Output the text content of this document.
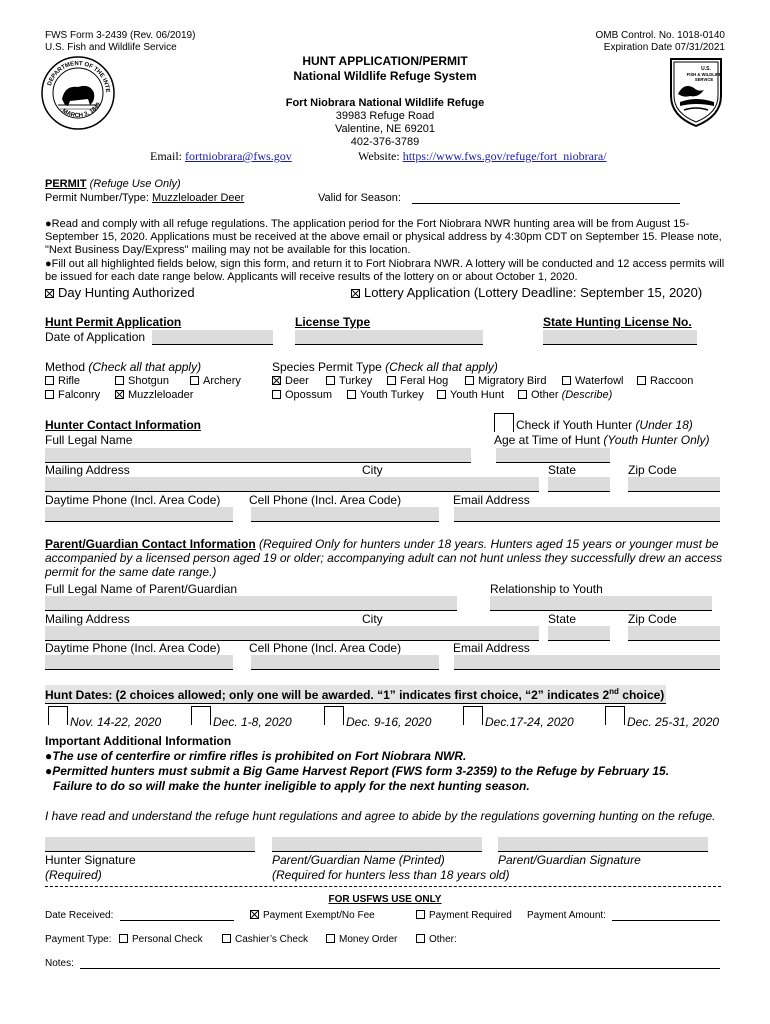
FWS Form 3-2439 (Rev. 06/2019)
U.S. Fish and Wildlife Service
OMB Control. No. 1018-0140
Expiration Date 07/31/2021
DEPARTMENT OF THE INTE
MARCH 3, 1849
U.S.
FISH & WILDLIFE
SERVICE
HUNT APPLICATION/PERMIT
National Wildlife Refuge System
Fort Niobrara National Wildlife Refuge
39983 Refuge Road
Valentine, NE 69201
402-376-3789
Email: fortniobrara@fws.gov	Website: https://www.fws.gov/refuge/fort_niobrara/
PERMIT (Refuge Use Only)
Permit Number/Type: Muzzleloader Deer	Valid for Season:
●Read and comply with all refuge regulations. The application period for the Fort Niobrara NWR hunting area will be from August 15-September 15, 2020. Applications must be received at the above email or physical address by 4:30pm CDT on September 15. Please note, "Next Business Day/Express" mailing may not be available for this location.
●Fill out all highlighted fields below, sign this form, and return it to Fort Niobrara NWR. A lottery will be conducted and 12 access permits will be issued for each date range below. Applicants will receive results of the lottery on or about October 1, 2020.
Day Hunting Authorized	Lottery Application (Lottery Deadline: September 15, 2020)
Hunt Permit Application
Date of Application
License Type	State Hunting License No.
Method (Check all that apply)
Rifle	Shotgun	Archery
Falconry	Muzzleloader
Species Permit Type (Check all that apply)
Deer	Turkey	Feral Hog	Migratory Bird	Waterfowl	Raccoon
Opossum	Youth Turkey	Youth Hunt	Other (Describe)
Hunter Contact Information
Full Legal Name
Check if Youth Hunter (Under 18)
Age at Time of Hunt (Youth Hunter Only)
Mailing Address	City	State	Zip Code
Daytime Phone (Incl. Area Code) Cell Phone (Incl. Area Code)	Email Address
Parent/Guardian Contact Information (Required Only for hunters under 18 years. Hunters aged 15 years or younger must be accompanied by a licensed person aged 19 or older; accompanying adult can not hunt unless they successfully drew an access permit for the same date range.)
Full Legal Name of Parent/Guardian	Relationship to Youth
Mailing Address	City	State	Zip Code
Daytime Phone (Incl. Area Code) Cell Phone (Incl. Area Code)	Email Address
Hunt Dates: (2 choices allowed; only one will be awarded. “1” indicates first choice, “2” indicates 2nd choice)
Nov. 14-22, 2020	Dec. 1-8, 2020	Dec. 9-16, 2020	Dec.17-24, 2020	Dec. 25-31, 2020
Important Additional Information
●The use of centerfire or rimfire rifles is prohibited on Fort Niobrara NWR.
●Permitted hunters must submit a Big Game Harvest Report (FWS form 3-2359) to the Refuge by February 15.
Failure to do so will make the hunter ineligible to apply for the next hunting season.
I have read and understand the refuge hunt regulations and agree to abide by the regulations governing hunting on the refuge.
Hunter Signature
(Required)
Parent/Guardian Name (Printed)
(Required for hunters less than 18 years old)
Parent/Guardian Signature
FOR USFWS USE ONLY
Date Received:	Payment Exempt/No Fee	Payment Required Payment Amount:
Payment Type:	Personal Check	Cashier’s Check	Money Order	Other:
Notes:
